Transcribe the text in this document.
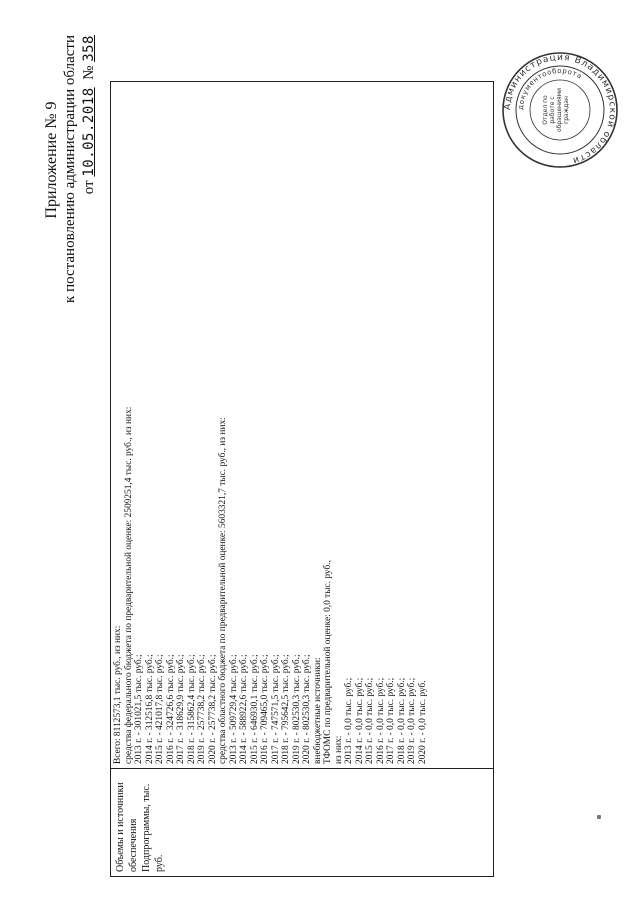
Приложение № 9 к постановлению администрации области от 10.05.2018  № 358
Объемы и источники обеспечения Подпрограммы, тыс. руб.
Всего: 8112573,1 тыс. руб., из них: средства федерального бюджета по предварительной оценке: 2509251,4 тыс. руб., из них: 2013 г. - 301021,5 тыс. руб.; 2014 г. - 312516,8 тыс. руб.; 2015 г. - 421017,8 тыс. руб.; 2016 г. - 324726,6 тыс. руб.; 2017 г. - 318629,9 тыс. руб.; 2018 г. - 315862,4 тыс. руб.; 2019 г. - 257738,2 тыс. руб.; 2020 г. - 257738,2 тыс. руб.; средства областного бюджета по предварительной оценке: 5603321,7 тыс. руб., из них: 2013 г. - 509729,4 тыс. руб.; 2014 г. - 588922,6 тыс. руб.; 2015 г. - 646930,1 тыс. руб.; 2016 г. - 709465,0 тыс. руб.; 2017 г. - 747571,5 тыс. руб.; 2018 г. - 795642,5 тыс. руб.; 2019 г. - 802530,3 тыс. руб.; 2020 г. - 802530,3 тыс. руб.; внебюджетные источники: ТФОМС по предварительной оценке: 0,0 тыс. руб., из них: 2013 г. - 0,0 тыс. руб.; 2014 г. - 0,0 тыс. руб.; 2015 г. - 0,0 тыс. руб.; 2016 г. - 0,0 тыс. руб.; 2017 г. - 0,0 тыс. руб.; 2018 г. - 0,0 тыс. руб.; 2019 г. - 0,0 тыс. руб.; 2020 г. - 0,0 тыс. руб.
Администрация Владимирской области
документооборота
Отдел по работе с обращениями граждан
